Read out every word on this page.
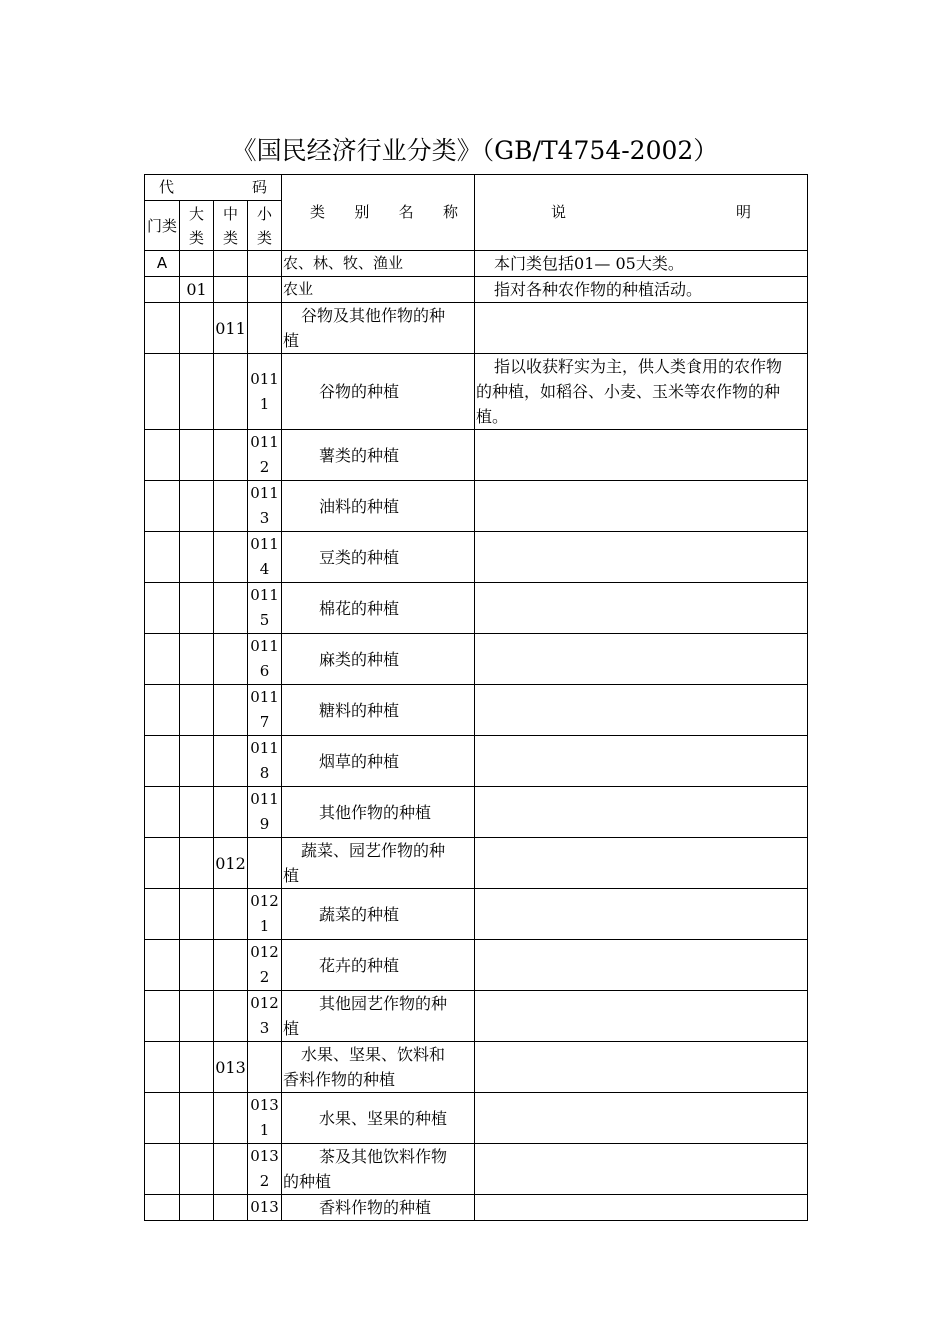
《国民经济行业分类》（GB/T4754-2002）
代　码				类　别　名　称	说　　明
门类	大类	中类	小类		
A				农、林、牧、渔业	本门类包括01— 05大类。
	01			农业	指对各种农作物的种植活动。
		011		谷物及其他作物的种植	
			0111	谷物的种植	指以收获籽实为主，供人类食用的农作物的种植，如稻谷、小麦、玉米等农作物的种植。
			0112	薯类的种植	
			0113	油料的种植	
			0114	豆类的种植	
			0115	棉花的种植	
			0116	麻类的种植	
			0117	糖料的种植	
			0118	烟草的种植	
			0119	其他作物的种植	
		012		蔬菜、园艺作物的种植	
			0121	蔬菜的种植	
			0122	花卉的种植	
			0123	其他园艺作物的种植	
		013		水果、坚果、饮料和香料作物的种植	
			0131	水果、坚果的种植	
			0132	茶及其他饮料作物的种植	
			013	香料作物的种植	
